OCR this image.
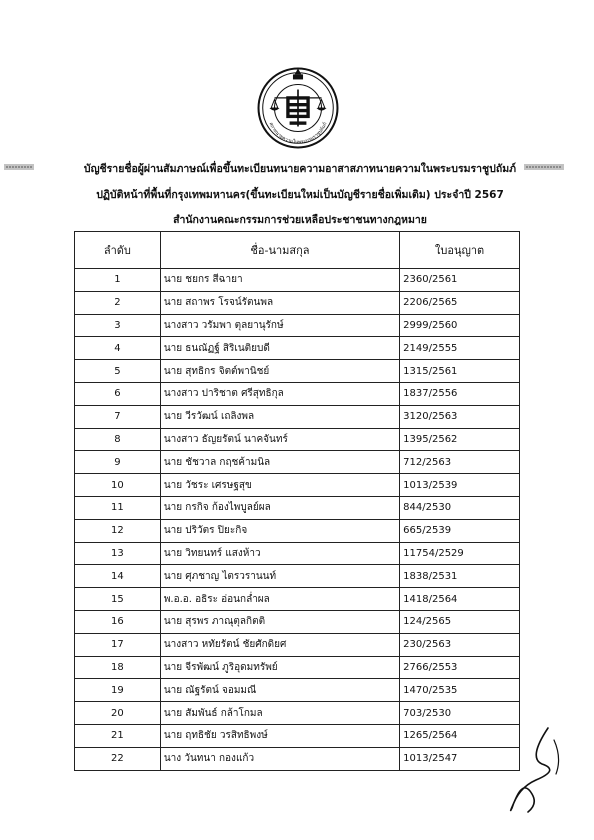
สภาทนายความในพระบรมราชูปถัมภ์
บัญชีรายชื่อผู้ผ่านสัมภาษณ์เพื่อขึ้นทะเบียนทนายความอาสาสภาทนายความในพระบรมราชูปถัมภ์
ปฏิบัติหน้าที่พื้นที่กรุงเทพมหานคร(ขึ้นทะเบียนใหม่เป็นบัญชีรายชื่อเพิ่มเติม) ประจำปี 2567
สำนักงานคณะกรรมการช่วยเหลือประชาชนทางกฎหมาย
ลำดับ	ชื่อ-นามสกุล	ใบอนุญาต
1	นาย ชยกร สีฉายา	2360/2561
2	นาย สถาพร โรจน์รัตนพล	2206/2565
3	นางสาว วรัมพา ตุลยานุรักษ์	2999/2560
4	นาย ธนณัฏฐ์ สิริเนติยบดี	2149/2555
5	นาย สุทธิกร จิตต์พานิชย์	1315/2561
6	นางสาว ปาริชาต ศรีสุทธิกุล	1837/2556
7	นาย วีรวัฒน์ เถลิงพล	3120/2563
8	นางสาว ธัญยรัตน์ นาคจันทร์	1395/2562
9	นาย ชัชวาล กฤชค้ามนิล	712/2563
10	นาย วัชระ เศรษฐสุข	1013/2539
11	นาย กรกิจ ก้องไพบูลย์ผล	844/2530
12	นาย ปริวัตร ปิยะกิจ	665/2539
13	นาย วิทยนทร์ แสงห้าว	11754/2529
14	นาย ศุภชาญ ไตรวรานนท์	1838/2531
15	พ.อ.อ. อธิระ อ่อนกล่ำผล	1418/2564
16	นาย สุรพร ภาณุตุลกิตติ	124/2565
17	นางสาว หทัยรัตน์ ชัยศักดิยศ	230/2563
18	นาย จีรพัฒน์ ภูริอุดมทรัพย์	2766/2553
19	นาย ณัฐรัตน์ จอมมณี	1470/2535
20	นาย สัมพันธ์ กล้าโกมล	703/2530
21	นาย ฤทธิชัย วรสิทธิพงษ์	1265/2564
22	นาง วันทนา กองแก้ว	1013/2547
